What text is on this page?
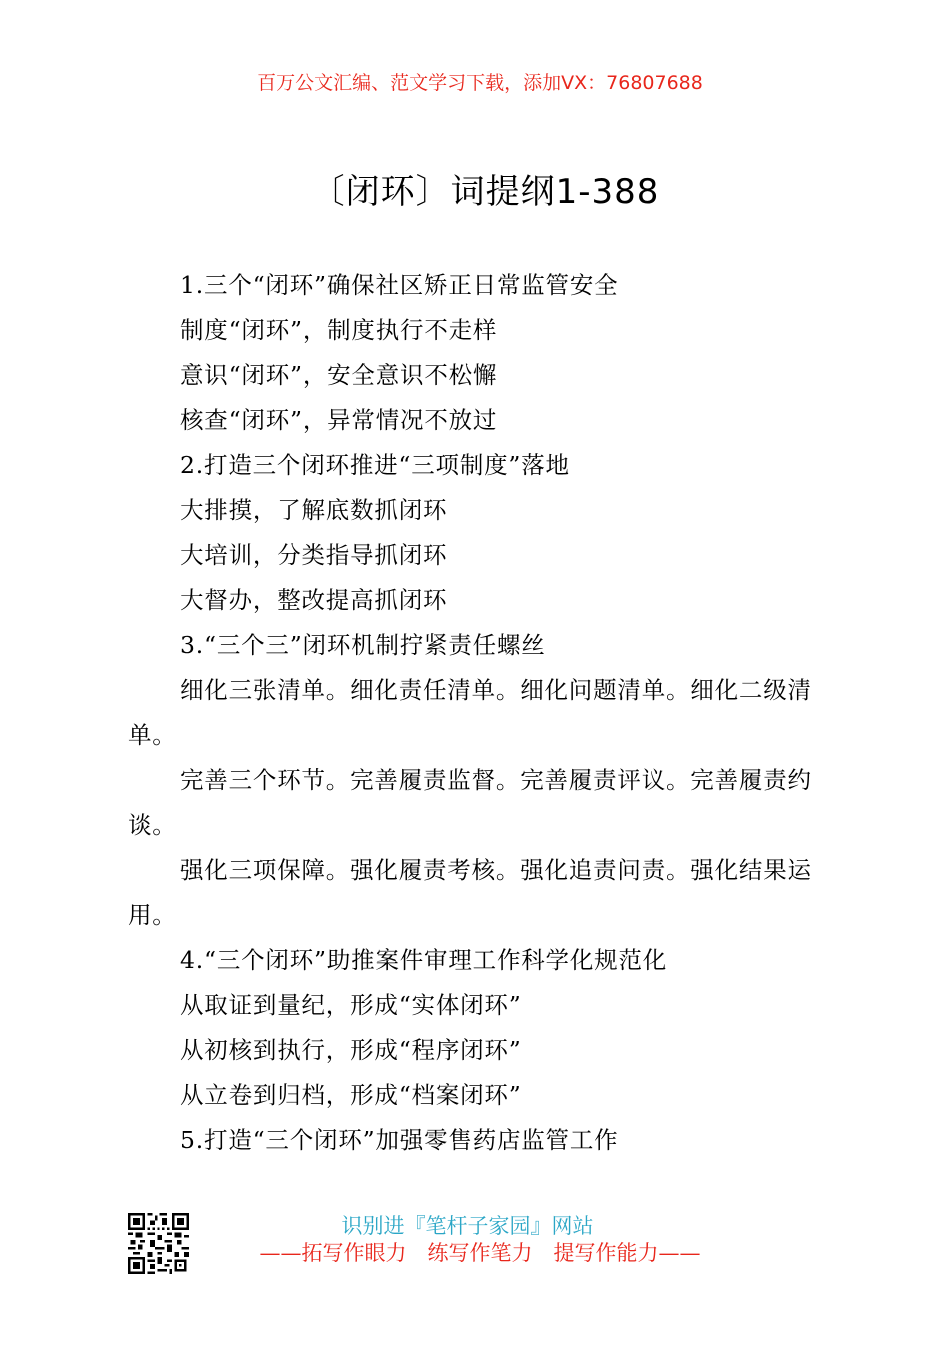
百万公文汇编、范文学习下载，添加VX：76807688
〔闭环〕词提纲1-388

1.三个“闭环”确保社区矫正日常监管安全

制度“闭环”，制度执行不走样

意识“闭环”，安全意识不松懈

核查“闭环”，异常情况不放过

2.打造三个闭环推进“三项制度”落地

大排摸，了解底数抓闭环

大培训，分类指导抓闭环

大督办，整改提高抓闭环

3.“三个三”闭环机制拧紧责任螺丝

细化三张清单。细化责任清单。细化问题清单。细化二级清单。

完善三个环节。完善履责监督。完善履责评议。完善履责约谈。

强化三项保障。强化履责考核。强化追责问责。强化结果运用。

4.“三个闭环”助推案件审理工作科学化规范化

从取证到量纪，形成“实体闭环”

从初核到执行，形成“程序闭环”

从立卷到归档，形成“档案闭环”

5.打造“三个闭环”加强零售药店监管工作

识别进『笔杆子家园』网站
——拓写作眼力　练写作笔力　提写作能力——
